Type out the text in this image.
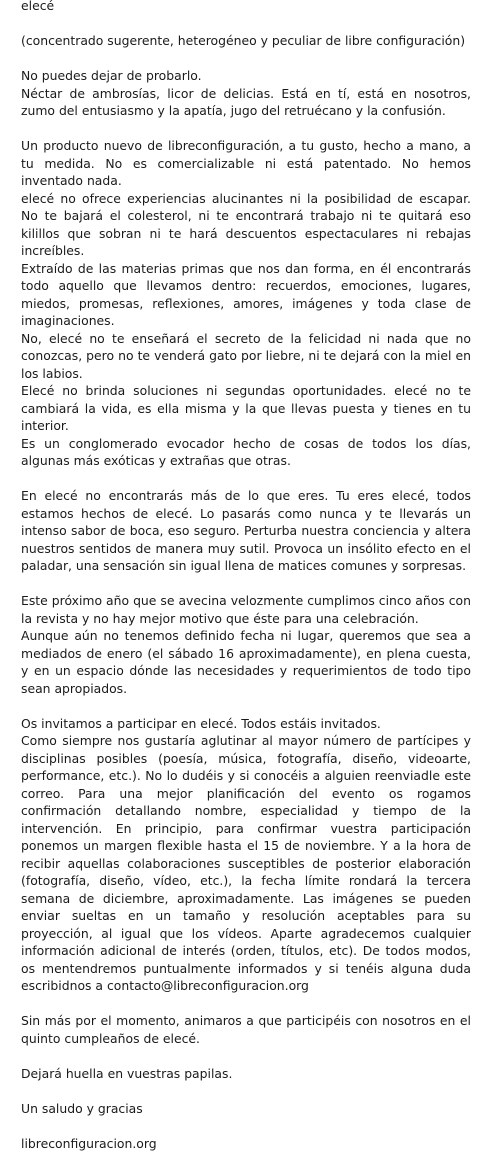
elecé

(concentrado sugerente, heterogéneo y peculiar de libre configuración)

No puedes dejar de probarlo.
Néctar de ambrosías, licor de delicias. Está en tí, está en nosotros, zumo del entusiasmo y la apatía, jugo del retruécano y la confusión.

Un producto nuevo de libreconfiguración, a tu gusto, hecho a mano, a tu medida. No es comercializable ni está patentado. No hemos inventado nada.
elecé no ofrece experiencias alucinantes ni la posibilidad de escapar. No te bajará el colesterol, ni te encontrará trabajo ni te quitará eso kilillos que sobran ni te hará descuentos espectaculares ni rebajas increíbles.
Extraído de las materias primas que nos dan forma, en él encontrarás todo aquello que llevamos dentro: recuerdos, emociones, lugares, miedos, promesas, reflexiones, amores, imágenes y toda clase de imaginaciones.
No, elecé no te enseñará el secreto de la felicidad ni nada que no conozcas, pero no te venderá gato por liebre, ni te dejará con la miel en los labios.
Elecé no brinda soluciones ni segundas oportunidades. elecé no te cambiará la vida, es ella misma y la que llevas puesta y tienes en tu interior.
Es un conglomerado evocador hecho de cosas de todos los días, algunas más exóticas y extrañas que otras.

En elecé no encontrarás más de lo que eres. Tu eres elecé, todos estamos hechos de elecé. Lo pasarás como nunca y te llevarás un intenso sabor de boca, eso seguro. Perturba nuestra conciencia y altera nuestros sentidos de manera muy sutil. Provoca un insólito efecto en el paladar, una sensación sin igual llena de matices comunes y sorpresas.

Este próximo año que se avecina velozmente cumplimos cinco años con la revista y no hay mejor motivo que éste para una celebración.
Aunque aún no tenemos definido fecha ni lugar, queremos que sea a mediados de enero (el sábado 16 aproximadamente), en plena cuesta, y en un espacio dónde las necesidades y requerimientos de todo tipo sean apropiados.

Os invitamos a participar en elecé. Todos estáis invitados.
Como siempre nos gustaría aglutinar al mayor número de partícipes y disciplinas posibles (poesía, música, fotografía, diseño, videoarte, performance, etc.). No lo dudéis y si conocéis a alguien reenviadle este correo. Para una mejor planificación del evento os rogamos confirmación detallando nombre, especialidad y tiempo de la intervención. En principio, para confirmar vuestra participación ponemos un margen flexible hasta el 15 de noviembre. Y a la hora de recibir aquellas colaboraciones susceptibles de posterior elaboración (fotografía, diseño, vídeo, etc.), la fecha límite rondará la tercera semana de diciembre, aproximadamente. Las imágenes se pueden enviar sueltas en un tamaño y resolución aceptables para su proyección, al igual que los vídeos. Aparte agradecemos cualquier información adicional de interés (orden, títulos, etc). De todos modos, os mentendremos puntualmente informados y si tenéis alguna duda escribidnos a contacto@libreconfiguracion.org

Sin más por el momento, animaros a que participéis con nosotros en el quinto cumpleaños de elecé.

Dejará huella en vuestras papilas.

Un saludo y gracias

libreconfiguracion.org
